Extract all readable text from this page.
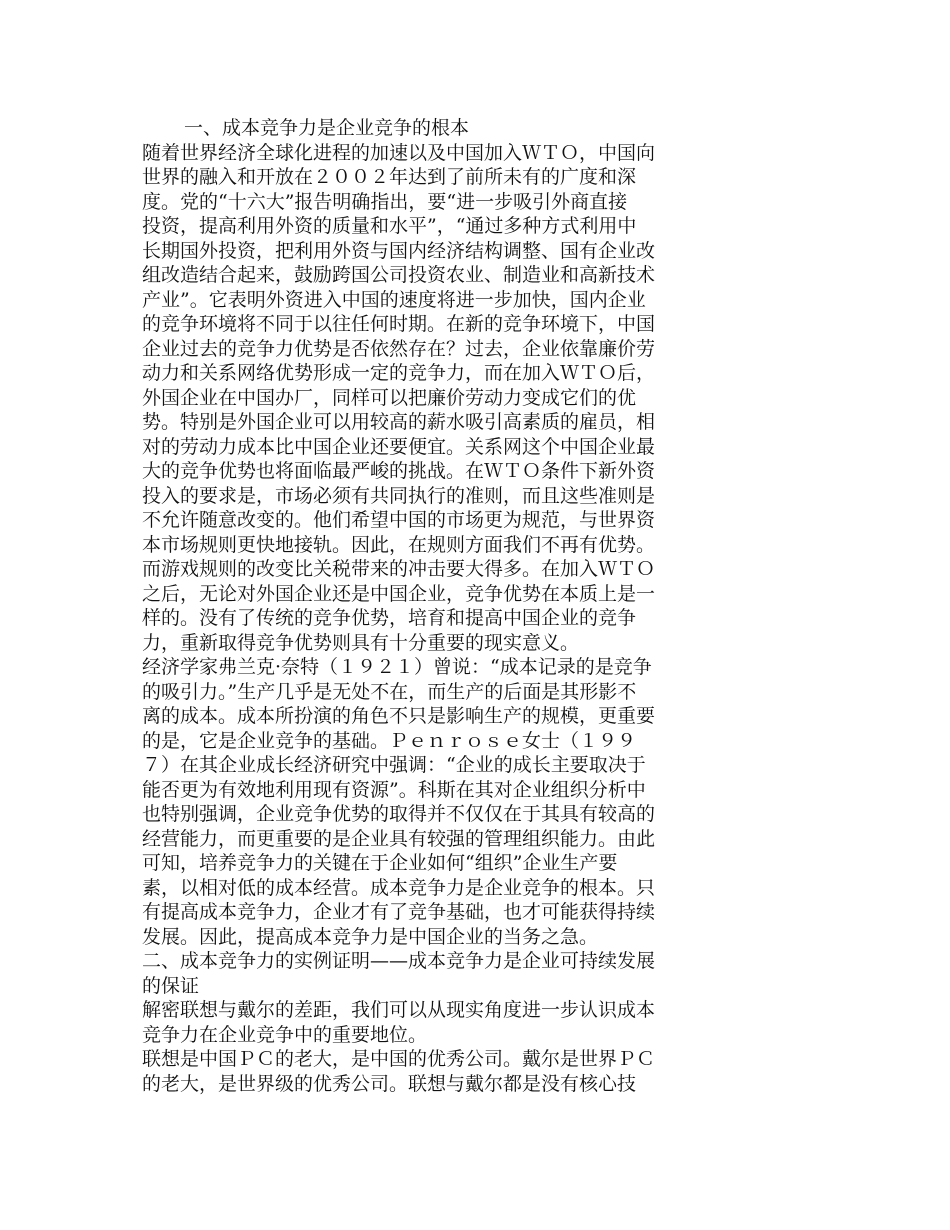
一、成本竞争力是企业竞争的根本
随着世界经济全球化进程的加速以及中国加入ＷＴＯ，中国向
世界的融入和开放在２００２年达到了前所未有的广度和深
度。党的“十六大”报告明确指出，要“进一步吸引外商直接
投资，提高利用外资的质量和水平”，“通过多种方式利用中
长期国外投资，把利用外资与国内经济结构调整、国有企业改
组改造结合起来，鼓励跨国公司投资农业、制造业和高新技术
产业”。它表明外资进入中国的速度将进一步加快，国内企业
的竞争环境将不同于以往任何时期。在新的竞争环境下，中国
企业过去的竞争力优势是否依然存在？过去，企业依靠廉价劳
动力和关系网络优势形成一定的竞争力，而在加入ＷＴＯ后，
外国企业在中国办厂，同样可以把廉价劳动力变成它们的优
势。特别是外国企业可以用较高的薪水吸引高素质的雇员，相
对的劳动力成本比中国企业还要便宜。关系网这个中国企业最
大的竞争优势也将面临最严峻的挑战。在ＷＴＯ条件下新外资
投入的要求是，市场必须有共同执行的准则，而且这些准则是
不允许随意改变的。他们希望中国的市场更为规范，与世界资
本市场规则更快地接轨。因此，在规则方面我们不再有优势。
而游戏规则的改变比关税带来的冲击要大得多。在加入ＷＴＯ
之后，无论对外国企业还是中国企业，竞争优势在本质上是一
样的。没有了传统的竞争优势，培育和提高中国企业的竞争
力，重新取得竞争优势则具有十分重要的现实意义。
经济学家弗兰克·奈特（１９２１）曾说：“成本记录的是竞争
的吸引力。”生产几乎是无处不在，而生产的后面是其形影不
离的成本。成本所扮演的角色不只是影响生产的规模，更重要
的是，它是企业竞争的基础。Ｐｅｎｒｏｓｅ女士（１９９
７）在其企业成长经济研究中强调：“企业的成长主要取决于
能否更为有效地利用现有资源”。科斯在其对企业组织分析中
也特别强调，企业竞争优势的取得并不仅仅在于其具有较高的
经营能力，而更重要的是企业具有较强的管理组织能力。由此
可知，培养竞争力的关键在于企业如何“组织”企业生产要
素，以相对低的成本经营。成本竞争力是企业竞争的根本。只
有提高成本竞争力，企业才有了竞争基础，也才可能获得持续
发展。因此，提高成本竞争力是中国企业的当务之急。
二、成本竞争力的实例证明——成本竞争力是企业可持续发展
的保证
解密联想与戴尔的差距，我们可以从现实角度进一步认识成本
竞争力在企业竞争中的重要地位。
联想是中国ＰＣ的老大，是中国的优秀公司。戴尔是世界ＰＣ
的老大，是世界级的优秀公司。联想与戴尔都是没有核心技
